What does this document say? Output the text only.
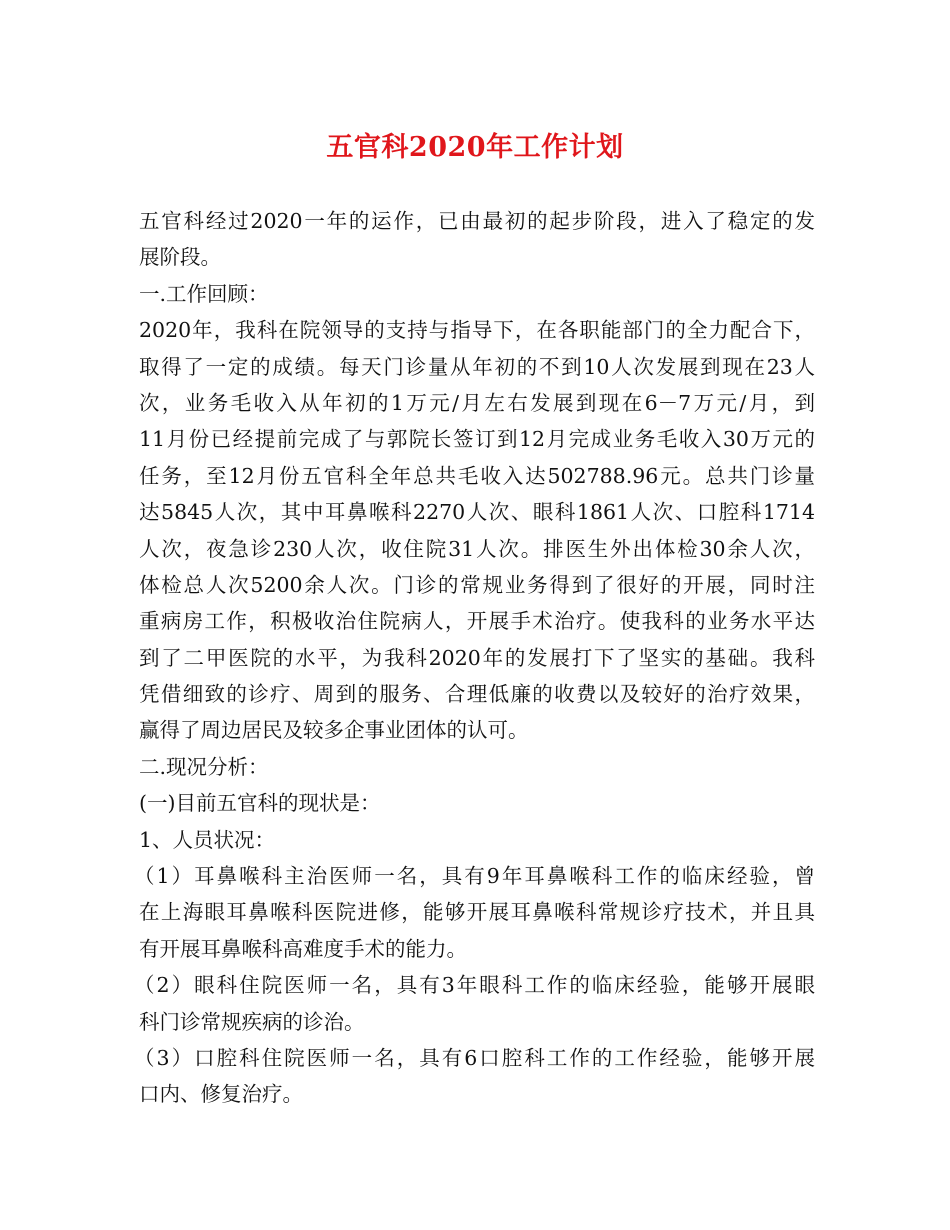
五官科2020年工作计划
五官科经过2020一年的运作，已由最初的起步阶段，进入了稳定的发
展阶段。
一.工作回顾：
2020年，我科在院领导的支持与指导下，在各职能部门的全力配合下，
取得了一定的成绩。每天门诊量从年初的不到10人次发展到现在23人
次，业务毛收入从年初的1万元/月左右发展到现在6－7万元/月，到
11月份已经提前完成了与郭院长签订到12月完成业务毛收入30万元的
任务，至12月份五官科全年总共毛收入达502788.96元。总共门诊量
达5845人次，其中耳鼻喉科2270人次、眼科1861人次、口腔科1714
人次，夜急诊230人次，收住院31人次。排医生外出体检30余人次，
体检总人次5200余人次。门诊的常规业务得到了很好的开展，同时注
重病房工作，积极收治住院病人，开展手术治疗。使我科的业务水平达
到了二甲医院的水平，为我科2020年的发展打下了坚实的基础。我科
凭借细致的诊疗、周到的服务、合理低廉的收费以及较好的治疗效果，
赢得了周边居民及较多企事业团体的认可。
二.现况分析：
(一)目前五官科的现状是：
1、人员状况：
（1）耳鼻喉科主治医师一名，具有9年耳鼻喉科工作的临床经验，曾
在上海眼耳鼻喉科医院进修，能够开展耳鼻喉科常规诊疗技术，并且具
有开展耳鼻喉科高难度手术的能力。
（2）眼科住院医师一名，具有3年眼科工作的临床经验，能够开展眼
科门诊常规疾病的诊治。
（3）口腔科住院医师一名，具有6口腔科工作的工作经验，能够开展
口内、修复治疗。
